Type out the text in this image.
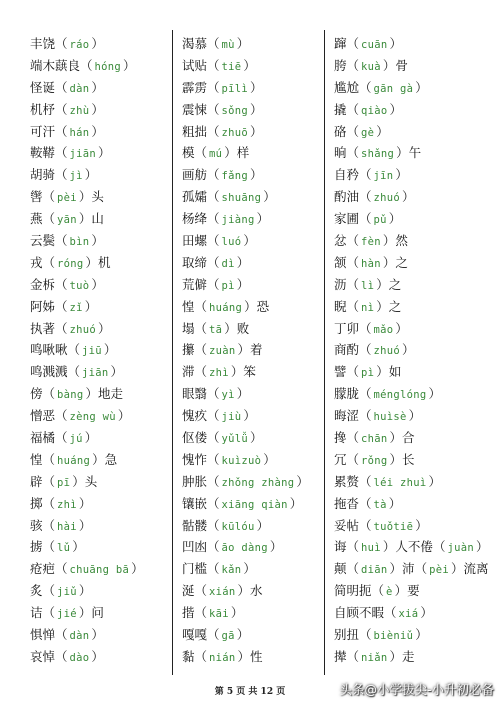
丰饶（ ráo ）
端木蕻良（ hóng ）
怪诞（ dàn ）
机杼（ zhù ）
可汗（ hán ）
鞍鞯（ jiān ）
胡骑（ jì ）
辔（ pèi ）头
燕（ yān ）山
云鬓（ bìn ）
戎（ róng ）机
金柝（ tuò ）
阿姊（ zǐ ）
执著（ zhuó ）
鸣啾啾（ jiū ）
鸣溅溅（ jiān ）
傍（ bàng ）地走
憎恶（ zèng wù ）
福橘（ jú ）
惶（ huáng ）急
辟（ pī ）头
掷（ zhì ）
骇（ hài ）
掳（ lǔ ）
疮疤（ chuāng bā ）
炙（ jiǔ ）
诘（ jié ）问
惧惮（ dàn ）
哀悼（ dào ）
渴慕（ mù ）
试贴（ tiē ）
霹雳（ pīlì ）
震悚（ sǒng ）
粗拙（ zhuō ）
模（ mú ）样
画舫（ fǎng ）
孤孀（ shuāng ）
杨绛（ jiàng ）
田螺（ luó ）
取缔（ dì ）
荒僻（ pì ）
惶（ huáng ）恐
塌（ tā ）败
攥（ zuàn ）着
滞（ zhì ）笨
眼翳（ yì ）
愧疚（ jiù ）
伛偻（ yǔlǚ ）
愧怍（ kuìzuò ）
肿胀（ zhǒng zhàng ）
镶嵌（ xiāng qiàn ）
骷髅（ kūlóu ）
凹凼（ āo dàng ）
门槛（ kǎn ）
涎（ xián ）水
揩（ kāi ）
嘎嘎（ gā ）
黏（ nián ）性
蹿（ cuān ）
胯（ kuà ）骨
尴尬（ gān gà ）
撬（ qiào ）
硌（ gè ）
晌（ shǎng ）午
自矜（ jīn ）
酌油（ zhuó ）
家圃（ pǔ ）
忿（ fèn ）然
颔（ hàn ）之
沥（ lì ）之
睨（ nì ）之
丁卯（ mǎo ）
商酌（ zhuó ）
譬（ pì ）如
朦胧（ ménglóng ）
晦涩（ huìsè ）
搀（ chān ）合
冗（ rǒng ）长
累赘（ léi zhuì ）
拖沓（ tà ）
妥帖（ tuǒtiē ）
诲（ huì ）人不倦（ juàn ）
颠（ diān ）沛（ pèi ）流离
简明扼（ è ）要
自顾不暇（ xiá ）
别扭（ bièniǔ ）
撵（ niǎn ）走
第 5 页 共 12 页	头条@小学拔尖-小升初必备
